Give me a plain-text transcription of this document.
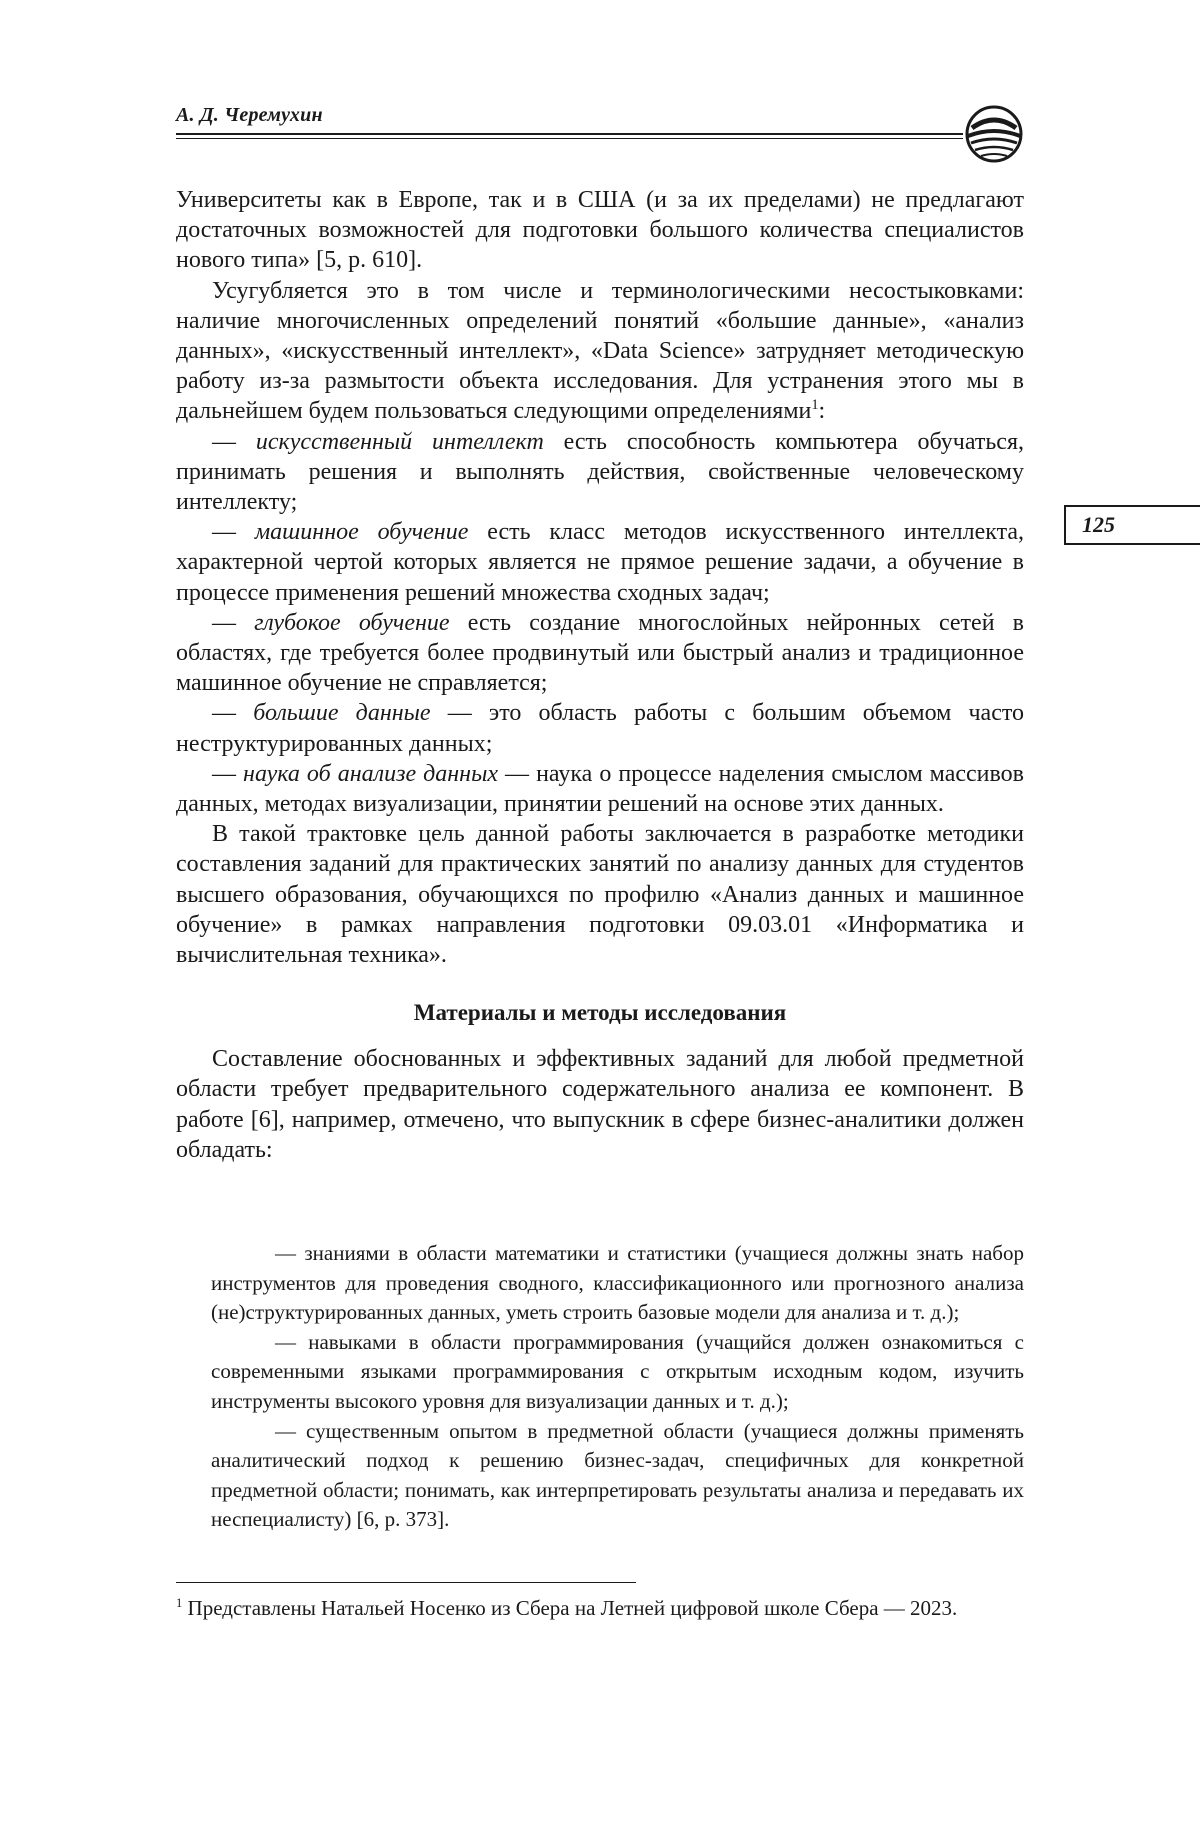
А. Д. Черемухин
125

Университеты как в Европе, так и в США (и за их пределами) не предлагают достаточных возможностей для подготовки большого количества специалистов нового типа» [5, p. 610].

Усугубляется это в том числе и терминологическими несостыковками: наличие многочисленных определений понятий «большие данные», «анализ данных», «искусственный интеллект», «Data Science» затрудняет методическую работу из-за размытости объекта исследования. Для устранения этого мы в дальнейшем будем пользоваться следующими определениями$^1$:

— искусственный интеллект есть способность компьютера обучаться, принимать решения и выполнять действия, свойственные человеческому интеллекту;

— машинное обучение есть класс методов искусственного интеллекта, характерной чертой которых является не прямое решение задачи, а обучение в процессе применения решений множества сходных задач;

— глубокое обучение есть создание многослойных нейронных сетей в областях, где требуется более продвинутый или быстрый анализ и традиционное машинное обучение не справляется;

— большие данные — это область работы с большим объемом часто неструктурированных данных;

— наука об анализе данных — наука о процессе наделения смыслом массивов данных, методах визуализации, принятии решений на основе этих данных.

В такой трактовке цель данной работы заключается в разработке методики составления заданий для практических занятий по анализу данных для студентов высшего образования, обучающихся по профилю «Анализ данных и машинное обучение» в рамках направления подготовки 09.03.01 «Информатика и вычислительная техника».

Материалы и методы исследования

Составление обоснованных и эффективных заданий для любой предметной области требует предварительного содержательного анализа ее компонент. В работе [6], например, отмечено, что выпускник в сфере бизнес-аналитики должен обладать:

— знаниями в области математики и статистики (учащиеся должны знать набор инструментов для проведения сводного, классификационного или прогнозного анализа (не)структурированных данных, уметь строить базовые модели для анализа и т. д.);

— навыками в области программирования (учащийся должен ознакомиться с современными языками программирования с открытым исходным кодом, изучить инструменты высокого уровня для визуализации данных и т. д.);

— существенным опытом в предметной области (учащиеся должны применять аналитический подход к решению бизнес-задач, специфичных для конкретной предметной области; понимать, как интерпретировать результаты анализа и передавать их неспециалисту) [6, p. 373].

$^1$ Представлены Натальей Носенко из Сбера на Летней цифровой школе Сбера — 2023.
